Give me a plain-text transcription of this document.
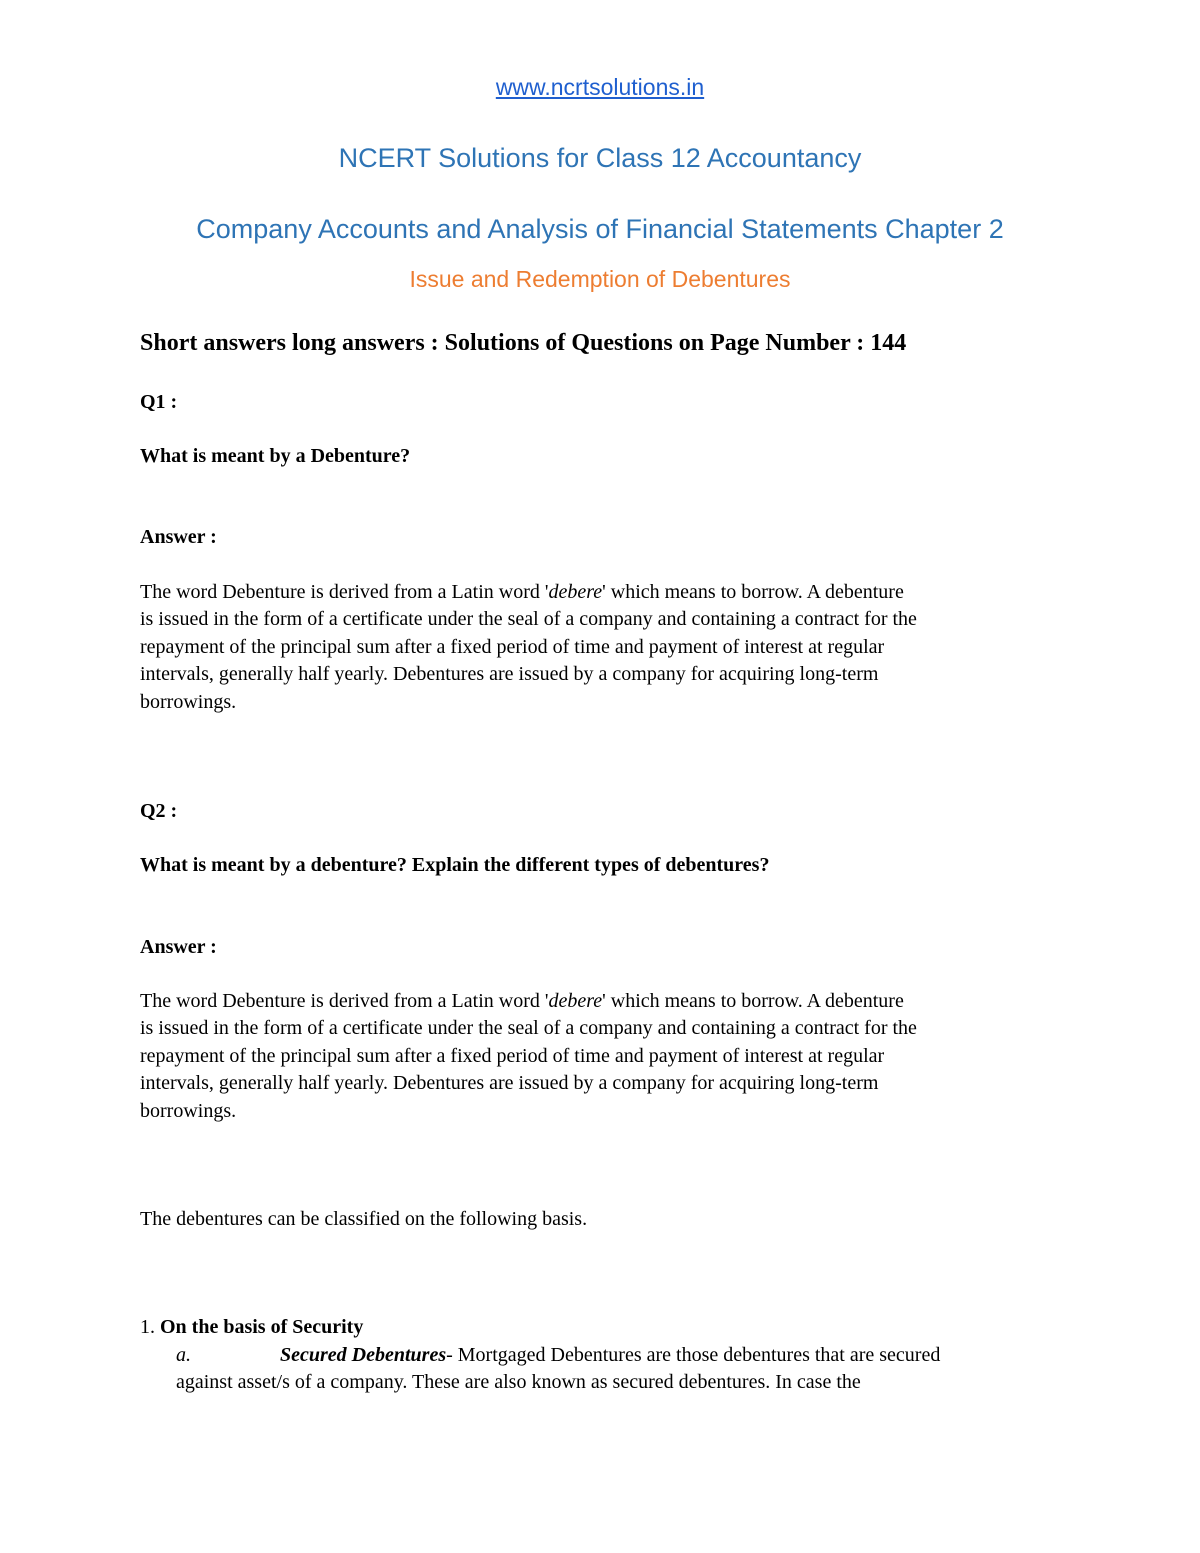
www.ncrtsolutions.in
NCERT Solutions for Class 12 Accountancy
Company Accounts and Analysis of Financial Statements Chapter 2
Issue and Redemption of Debentures
Short answers long answers : Solutions of Questions on Page Number : 144
Q1 :
What is meant by a Debenture?
Answer :
The word Debenture is derived from a Latin word 'debere' which means to borrow. A debenture
is issued in the form of a certificate under the seal of a company and containing a contract for the
repayment of the principal sum after a fixed period of time and payment of interest at regular
intervals, generally half yearly. Debentures are issued by a company for acquiring long-term
borrowings.
Q2 :
What is meant by a debenture? Explain the different types of debentures?
Answer :
The word Debenture is derived from a Latin word 'debere' which means to borrow. A debenture
is issued in the form of a certificate under the seal of a company and containing a contract for the
repayment of the principal sum after a fixed period of time and payment of interest at regular
intervals, generally half yearly. Debentures are issued by a company for acquiring long-term
borrowings.
The debentures can be classified on the following basis.
1. On the basis of Security
a.	Secured Debentures- Mortgaged Debentures are those debentures that are secured
against asset/s of a company. These are also known as secured debentures. In case the
